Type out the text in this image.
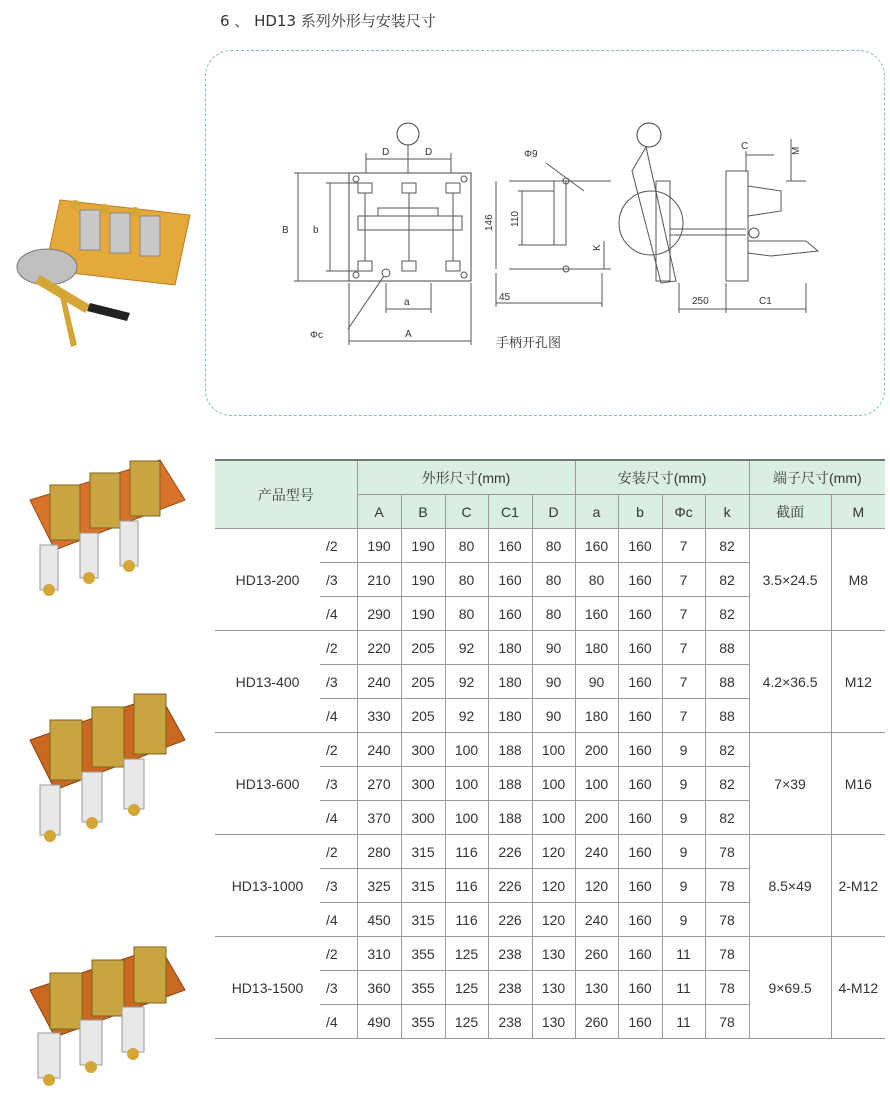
6 、 HD13 系列外形与安装尺寸
D	D
B b
a
A
Φc
Φ9
146 110
K
45
手柄开孔图
C	M
250	C1
产品型号		外形尺寸(mm)					安装尺寸(mm)				端子尺寸(mm)	
		A	B	C	C1	D	a	b	Φc	k	截面	M
HD13-200	/2	190	190	80	160	80	160	160	7	82	3.5×24.5	M8
	/3	210	190	80	160	80	80	160	7	82		
	/4	290	190	80	160	80	160	160	7	82		
HD13-400	/2	220	205	92	180	90	180	160	7	88	4.2×36.5	M12
	/3	240	205	92	180	90	90	160	7	88		
	/4	330	205	92	180	90	180	160	7	88		
HD13-600	/2	240	300	100	188	100	200	160	9	82	7×39	M16
	/3	270	300	100	188	100	100	160	9	82		
	/4	370	300	100	188	100	200	160	9	82		
HD13-1000	/2	280	315	116	226	120	240	160	9	78	8.5×49	2-M12
	/3	325	315	116	226	120	120	160	9	78		
	/4	450	315	116	226	120	240	160	9	78		
HD13-1500	/2	310	355	125	238	130	260	160	11	78	9×69.5	4-M12
	/3	360	355	125	238	130	130	160	11	78		
	/4	490	355	125	238	130	260	160	11	78		
